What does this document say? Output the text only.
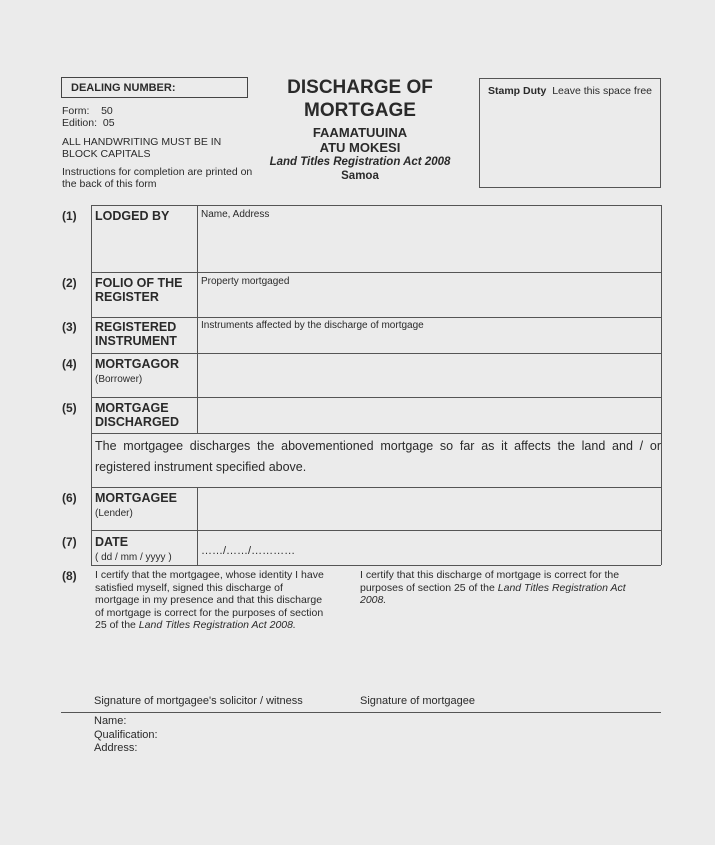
DEALING NUMBER:
Form: 50
Edition: 05
ALL HANDWRITING MUST BE IN
BLOCK CAPITALS
Instructions for completion are printed on
the back of this form
DISCHARGE OF
MORTGAGE
FAAMATUUINA
ATU MOKESI
Land Titles Registration Act 2008
Samoa
Stamp Duty Leave this space free
(1) LODGED BY	Name, Address
(2) FOLIO OF THE
REGISTER
Property mortgaged
(3) REGISTERED
INSTRUMENT
Instruments affected by the discharge of mortgage
(4) MORTGAGOR
(Borrower)
(5) MORTGAGE
DISCHARGED
The mortgagee discharges the abovementioned mortgage so far as it affects the land and / or registered instrument specified above.
(6) MORTGAGEE
(Lender)
(7) DATE
( dd / mm / yyyy )
……/……/…………
(8) I certify that the mortgagee, whose identity I have
satisfied myself, signed this discharge of
mortgage in my presence and that this discharge
of mortgage is correct for the purposes of section
25 of the Land Titles Registration Act 2008.
I certify that this discharge of mortgage is correct for the
purposes of section 25 of the Land Titles Registration Act
2008.
Signature of mortgagee's solicitor / witness	Signature of mortgagee
Name:
Qualification:
Address:
